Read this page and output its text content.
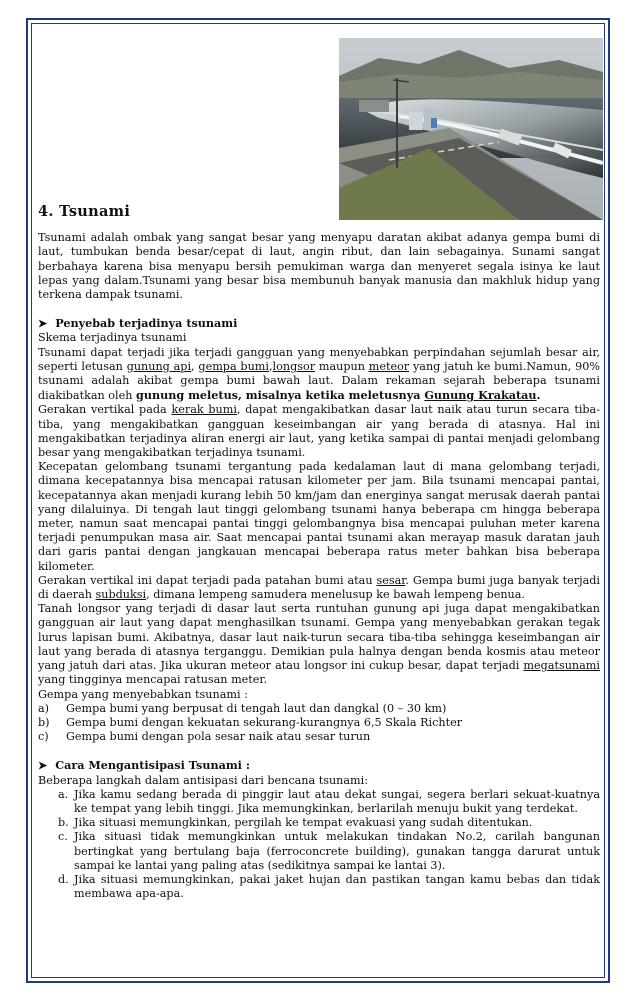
4. Tsunami

Tsunami adalah ombak yang sangat besar yang menyapu daratan akibat adanya gempa bumi di laut, tumbukan benda besar/cepat di laut, angin ribut, dan lain sebagainya. Sunami sangat berbahaya karena bisa menyapu bersih pemukiman warga dan menyeret segala isinya ke laut lepas yang dalam.Tsunami yang besar bisa membunuh banyak manusia dan makhluk hidup yang terkena dampak tsunami.

➤ Penyebab terjadinya tsunami

Skema terjadinya tsunami

Tsunami dapat terjadi jika terjadi gangguan yang menyebabkan perpindahan sejumlah besar air, seperti letusan gunung api, gempa bumi,longsor maupun meteor yang jatuh ke bumi.Namun, 90% tsunami adalah akibat gempa bumi bawah laut. Dalam rekaman sejarah beberapa tsunami diakibatkan oleh gunung meletus, misalnya ketika meletusnya Gunung Krakatau.

Gerakan vertikal pada kerak bumi, dapat mengakibatkan dasar laut naik atau turun secara tiba-tiba, yang mengakibatkan gangguan keseimbangan air yang berada di atasnya. Hal ini mengakibatkan terjadinya aliran energi air laut, yang ketika sampai di pantai menjadi gelombang besar yang mengakibatkan terjadinya tsunami.

Kecepatan gelombang tsunami tergantung pada kedalaman laut di mana gelombang terjadi, dimana kecepatannya bisa mencapai ratusan kilometer per jam. Bila tsunami mencapai pantai, kecepatannya akan menjadi kurang lebih 50 km/jam dan energinya sangat merusak daerah pantai yang dilaluinya. Di tengah laut tinggi gelombang tsunami hanya beberapa cm hingga beberapa meter, namun saat mencapai pantai tinggi gelombangnya bisa mencapai puluhan meter karena terjadi penumpukan masa air. Saat mencapai pantai tsunami akan merayap masuk daratan jauh dari garis pantai dengan jangkauan mencapai beberapa ratus meter bahkan bisa beberapa kilometer.

Gerakan vertikal ini dapat terjadi pada patahan bumi atau sesar. Gempa bumi juga banyak terjadi di daerah subduksi, dimana lempeng samudera menelusup ke bawah lempeng benua.

Tanah longsor yang terjadi di dasar laut serta runtuhan gunung api juga dapat mengakibatkan gangguan air laut yang dapat menghasilkan tsunami. Gempa yang menyebabkan gerakan tegak lurus lapisan bumi. Akibatnya, dasar laut naik-turun secara tiba-tiba sehingga keseimbangan air laut yang berada di atasnya terganggu. Demikian pula halnya dengan benda kosmis atau meteor yang jatuh dari atas. Jika ukuran meteor atau longsor ini cukup besar, dapat terjadi megatsunami yang tingginya mencapai ratusan meter.

Gempa yang menyebabkan tsunami :

a)	Gempa bumi yang berpusat di tengah laut dan dangkal (0 – 30 km)
b)	Gempa bumi dengan kekuatan sekurang-kurangnya 6,5 Skala Richter
c)	Gempa bumi dengan pola sesar naik atau sesar turun
➤ Cara Mengantisipasi Tsunami :

Beberapa langkah dalam antisipasi dari bencana tsunami:

a. Jika kamu sedang berada di pinggir laut atau dekat sungai, segera berlari sekuat-kuatnya ke tempat yang lebih tinggi. Jika memungkinkan, berlarilah menuju bukit yang terdekat.
b. Jika situasi memungkinkan, pergilah ke tempat evakuasi yang sudah ditentukan.
c. Jika situasi tidak memungkinkan untuk melakukan tindakan No.2, carilah bangunan bertingkat yang bertulang baja (ferroconcrete building), gunakan tangga darurat untuk sampai ke lantai yang paling atas (sedikitnya sampai ke lantai 3).
d. Jika situasi memungkinkan, pakai jaket hujan dan pastikan tangan kamu bebas dan tidak membawa apa-apa.
